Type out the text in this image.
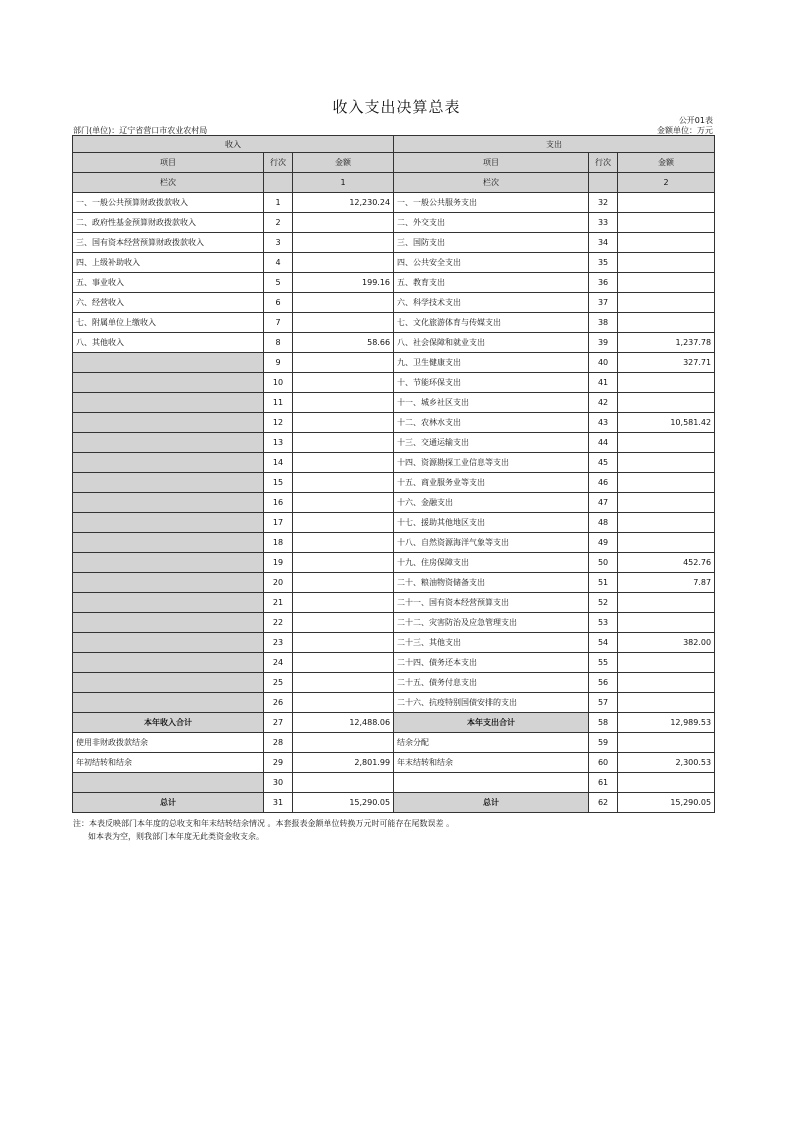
收入支出决算总表
公开01表
部门(单位)：辽宁省营口市农业农村局	金额单位：万元
收入			支出		
项目	行次	金额	项目	行次	金额
栏次		1	栏次		2
一、一般公共预算财政拨款收入	1	12,230.24	一、一般公共服务支出	32	
二、政府性基金预算财政拨款收入	2		二、外交支出	33	
三、国有资本经营预算财政拨款收入	3		三、国防支出	34	
四、上级补助收入	4		四、公共安全支出	35	
五、事业收入	5	199.16	五、教育支出	36	
六、经营收入	6		六、科学技术支出	37	
七、附属单位上缴收入	7		七、文化旅游体育与传媒支出	38	
八、其他收入	8	58.66	八、社会保障和就业支出	39	1,237.78
	9		九、卫生健康支出	40	327.71
	10		十、节能环保支出	41	
	11		十一、城乡社区支出	42	
	12		十二、农林水支出	43	10,581.42
	13		十三、交通运输支出	44	
	14		十四、资源勘探工业信息等支出	45	
	15		十五、商业服务业等支出	46	
	16		十六、金融支出	47	
	17		十七、援助其他地区支出	48	
	18		十八、自然资源海洋气象等支出	49	
	19		十九、住房保障支出	50	452.76
	20		二十、粮油物资储备支出	51	7.87
	21		二十一、国有资本经营预算支出	52	
	22		二十二、灾害防治及应急管理支出	53	
	23		二十三、其他支出	54	382.00
	24		二十四、债务还本支出	55	
	25		二十五、债务付息支出	56	
	26		二十六、抗疫特别国债安排的支出	57	
本年收入合计	27	12,488.06	本年支出合计	58	12,989.53
使用非财政拨款结余	28		结余分配	59	
年初结转和结余	29	2,801.99	年末结转和结余	60	2,300.53
	30			61	
总计	31	15,290.05	总计	62	15,290.05
注：本表反映部门本年度的总收支和年末结转结余情况 。本套报表金额单位转换万元时可能存在尾数误差 。
如本表为空，则我部门本年度无此类资金收支余。
